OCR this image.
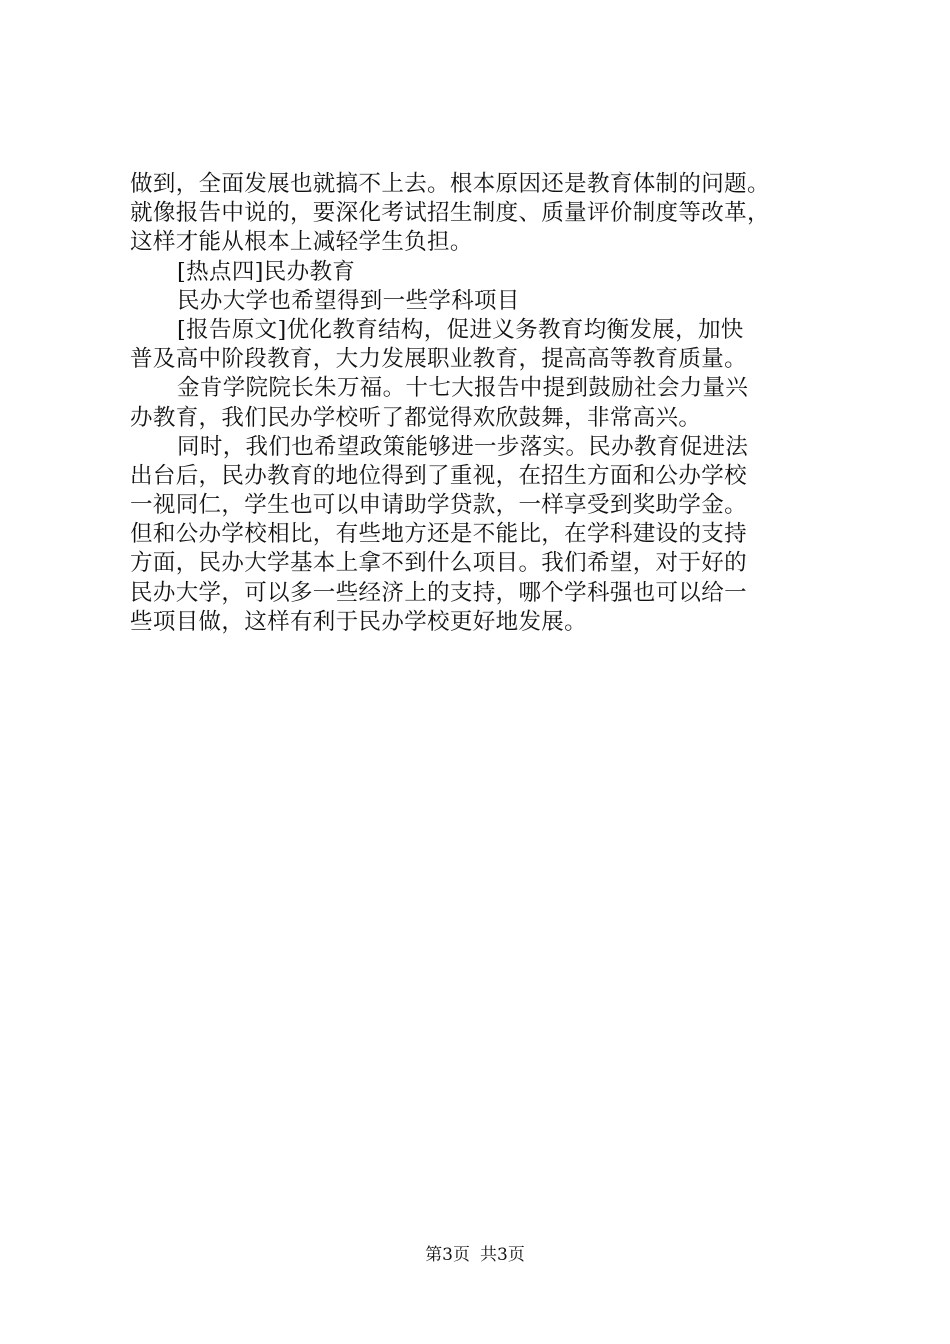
做到，全面发展也就搞不上去。根本原因还是教育体制的问题。
就像报告中说的，要深化考试招生制度、质量评价制度等改革，
这样才能从根本上减轻学生负担。
[热点四]民办教育
民办大学也希望得到一些学科项目
[报告原文]优化教育结构，促进义务教育均衡发展，加快
普及高中阶段教育，大力发展职业教育，提高高等教育质量。
金肯学院院长朱万福。十七大报告中提到鼓励社会力量兴
办教育，我们民办学校听了都觉得欢欣鼓舞，非常高兴。
同时，我们也希望政策能够进一步落实。民办教育促进法
出台后，民办教育的地位得到了重视，在招生方面和公办学校
一视同仁，学生也可以申请助学贷款，一样享受到奖助学金。
但和公办学校相比，有些地方还是不能比，在学科建设的支持
方面，民办大学基本上拿不到什么项目。我们希望，对于好的
民办大学，可以多一些经济上的支持，哪个学科强也可以给一
些项目做，这样有利于民办学校更好地发展。
第3页 共3页
